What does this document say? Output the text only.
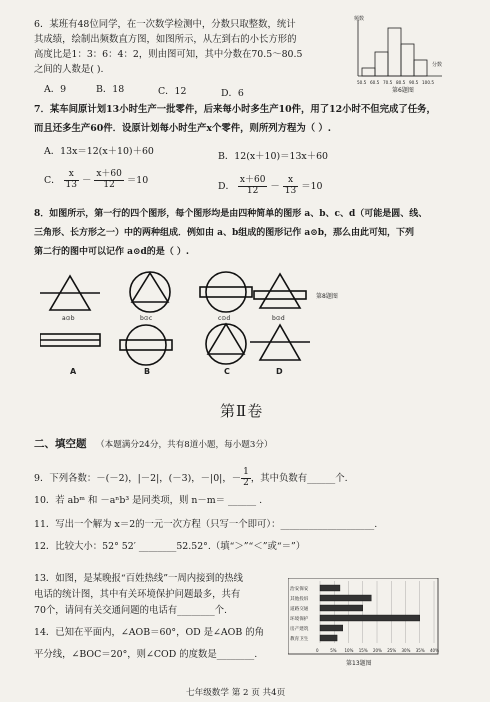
6．某班有48位同学，在一次数学检测中，分数只取整数，统计
其成绩，绘制出频数直方图，如图所示，从左到右的小长方形的
高度比是1：3：6：4：2，则由图可知，其中分数在70.5～80.5
之间的人数是( ).
A．9	B．18	C．12	D．6
频数
分数
50.5 60.5 70.5 80.5 90.5 100.5
第6题图
7．某车间原计划13小时生产一批零件，后来每小时多生产10件，用了12小时不但完成了任务，
而且还多生产60件．设原计划每小时生产x个零件，则所列方程为（ ）.
A．13x＝12(x＋10)＋60	B．12(x＋10)＝13x＋60
C． $\frac{x}{13} - \frac{x+60}{12} =10$
D． $\frac{x+60}{12} - \frac{x}{13} =10$
8．如图所示，第一行的四个图形，每个图形均是由四种简单的图形 a、b、c、d（可能是圆、线、
三角形、长方形之一）中的两种组成．例如由 a、b组成的图形记作 a⊙b，那么由此可知，下列
第二行的图中可以记作 a⊙d的是（ ）.
a⊙b	b⊙c	c⊙d	b⊙d
A	B	C	D
第8题图
第Ⅱ卷
二、填空题 （本题满分24分，共有8道小题，每小题3分）
9．下列各数：－(－2)，|－2|，(－3)，－|0|，－ $\frac{1}{2}$ ，其中负数有______个.
10．若 abᵐ 和 －aⁿb³ 是同类项，则 n－m＝ ______ .
11．写出一个解为 x＝2的一元一次方程（只写一个即可）：____________________.
12．比较大小：52° 52′ ________52.52°.（填“＞”“＜”或“＝”）
13．如图，是某晚报“百姓热线”一周内接到的热线
电话的统计图，其中有关环境保护问题最多，共有
70个，请问有关交通问题的电话有________个.
14．已知在平面内，∠AOB＝60°，OD 是∠AOB 的角
平分线，∠BOC＝20°，则∠COD 的度数是________.	0	5% 10% 15% 20% 25% 30% 35% 40%
治安保安
其他投诉
道路交通
环境保护
房产建筑
教育卫生
第13题图
七年级数学 第 2 页 共4页
